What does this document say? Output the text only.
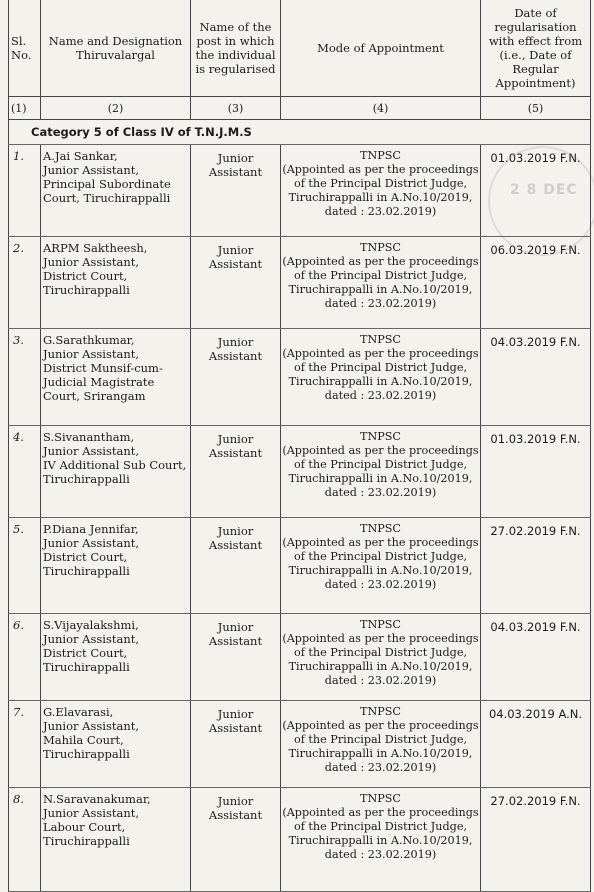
Sl. No.	Name and Designation Thiruvalargal	Name of the post in which the individual is regularised	Mode of Appointment	Date of regularisation with effect from (i.e., Date of Regular Appointment)
(1)	(2)	(3)	(4)	(5)
Category 5 of Class IV of T.N.J.M.S				
1.	A.Jai Sankar,
Junior Assistant,
Principal Subordinate
Court, Tiruchirappalli	Junior
Assistant	TNPSC
(Appointed as per the proceedings
of the Principal District Judge,
Tiruchirappalli in A.No.10/2019,
dated : 23.02.2019)	01.03.2019 F.N.
2.	ARPM Saktheesh,
Junior Assistant,
District Court,
Tiruchirappalli	Junior
Assistant	TNPSC
(Appointed as per the proceedings
of the Principal District Judge,
Tiruchirappalli in A.No.10/2019,
dated : 23.02.2019)	06.03.2019 F.N.
3.	G.Sarathkumar,
Junior Assistant,
District Munsif-cum-
Judicial Magistrate
Court, Srirangam	Junior
Assistant	TNPSC
(Appointed as per the proceedings
of the Principal District Judge,
Tiruchirappalli in A.No.10/2019,
dated : 23.02.2019)	04.03.2019 F.N.
4.	S.Sivanantham,
Junior Assistant,
IV Additional Sub Court,
Tiruchirappalli	Junior
Assistant	TNPSC
(Appointed as per the proceedings
of the Principal District Judge,
Tiruchirappalli in A.No.10/2019,
dated : 23.02.2019)	01.03.2019 F.N.
5.	P.Diana Jennifar,
Junior Assistant,
District Court,
Tiruchirappalli	Junior
Assistant	TNPSC
(Appointed as per the proceedings
of the Principal District Judge,
Tiruchirappalli in A.No.10/2019,
dated : 23.02.2019)	27.02.2019 F.N.
6.	S.Vijayalakshmi,
Junior Assistant,
District Court,
Tiruchirappalli	Junior
Assistant	TNPSC
(Appointed as per the proceedings
of the Principal District Judge,
Tiruchirappalli in A.No.10/2019,
dated : 23.02.2019)	04.03.2019 F.N.
7.	G.Elavarasi,
Junior Assistant,
Mahila Court,
Tiruchirappalli	Junior
Assistant	TNPSC
(Appointed as per the proceedings
of the Principal District Judge,
Tiruchirappalli in A.No.10/2019,
dated : 23.02.2019)	04.03.2019 A.N.
8.	N.Saravanakumar,
Junior Assistant,
Labour Court,
Tiruchirappalli	Junior
Assistant	TNPSC
(Appointed as per the proceedings
of the Principal District Judge,
Tiruchirappalli in A.No.10/2019,
dated : 23.02.2019)	27.02.2019 F.N.
2 8 DEC
